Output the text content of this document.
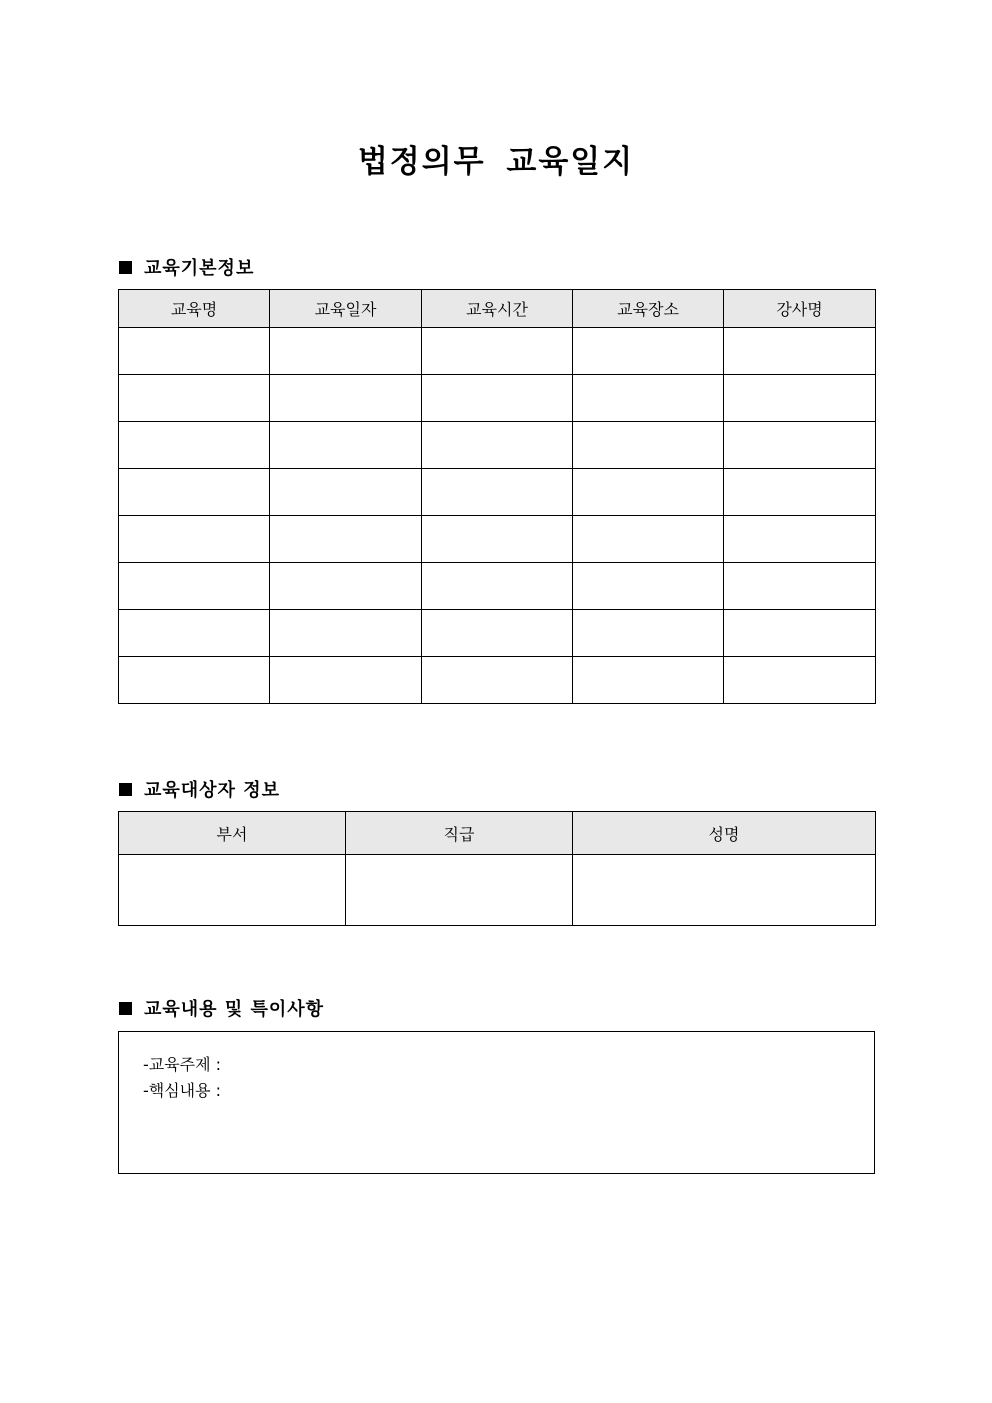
법정의무 교육일지
교육기본정보
교육명	교육일자	교육시간	교육장소	강사명

교육대상자 정보
부서	직급	성명

교육내용 및 특이사항
-교육주제 :
-핵심내용 :
